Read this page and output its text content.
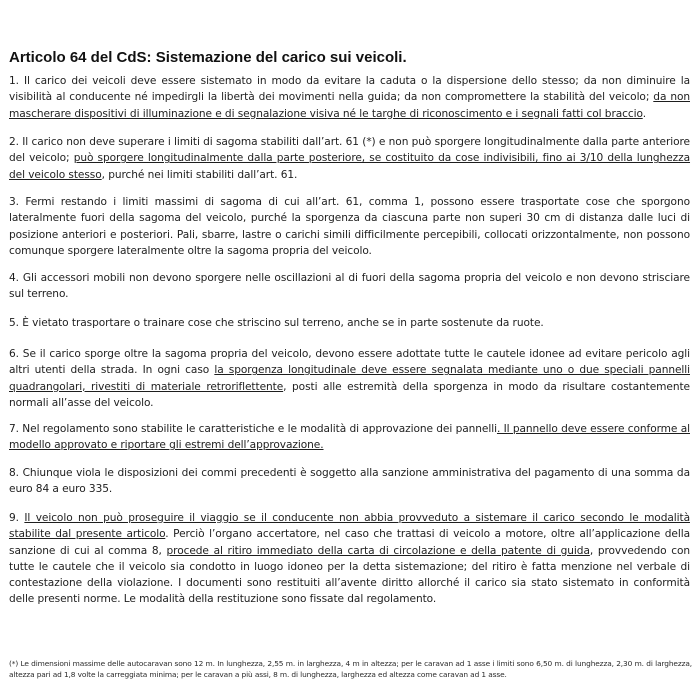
Articolo 64 del CdS: Sistemazione del carico sui veicoli.
1. Il carico dei veicoli deve essere sistemato in modo da evitare la caduta o la dispersione dello stesso; da non diminuire la visibilità al conducente né impedirgli la libertà dei movimenti nella guida; da non compromettere la stabilità del veicolo; da non mascherare dispositivi di illuminazione e di segnalazione visiva né le targhe di riconoscimento e i segnali fatti col braccio.
2. Il carico non deve superare i limiti di sagoma stabiliti dall’art. 61 (*) e non può sporgere longitudinalmente dalla parte anteriore del veicolo; può sporgere longitudinalmente dalla parte posteriore, se costituito da cose indivisibili, fino ai 3/10 della lunghezza del veicolo stesso, purché nei limiti stabiliti dall’art. 61.
3. Fermi restando i limiti massimi di sagoma di cui all’art. 61, comma 1, possono essere trasportate cose che sporgono lateralmente fuori della sagoma del veicolo, purché la sporgenza da ciascuna parte non superi 30 cm di distanza dalle luci di posizione anteriori e posteriori. Pali, sbarre, lastre o carichi simili difficilmente percepibili, collocati orizzontalmente, non possono comunque sporgere lateralmente oltre la sagoma propria del veicolo.
4. Gli accessori mobili non devono sporgere nelle oscillazioni al di fuori della sagoma propria del veicolo e non devono strisciare sul terreno.
5. È vietato trasportare o trainare cose che striscino sul terreno, anche se in parte sostenute da ruote.
6. Se il carico sporge oltre la sagoma propria del veicolo, devono essere adottate tutte le cautele idonee ad evitare pericolo agli altri utenti della strada. In ogni caso la sporgenza longitudinale deve essere segnalata mediante uno o due speciali pannelli quadrangolari, rivestiti di materiale retroriflettente, posti alle estremità della sporgenza in modo da risultare costantemente normali all’asse del veicolo.
7. Nel regolamento sono stabilite le caratteristiche e le modalità di approvazione dei pannelli. Il pannello deve essere conforme al modello approvato e riportare gli estremi dell’approvazione.
8. Chiunque viola le disposizioni dei commi precedenti è soggetto alla sanzione amministrativa del pagamento di una somma da euro 84 a euro 335.
9. Il veicolo non può proseguire il viaggio se il conducente non abbia provveduto a sistemare il carico secondo le modalità stabilite dal presente articolo. Perciò l’organo accertatore, nel caso che trattasi di veicolo a motore, oltre all’applicazione della sanzione di cui al comma 8, procede al ritiro immediato della carta di circolazione e della patente di guida, provvedendo con tutte le cautele che il veicolo sia condotto in luogo idoneo per la detta sistemazione; del ritiro è fatta menzione nel verbale di contestazione della violazione. I documenti sono restituiti all’avente diritto allorché il carico sia stato sistemato in conformità delle presenti norme. Le modalità della restituzione sono fissate dal regolamento.
(*) Le dimensioni massime delle autocaravan sono 12 m. In lunghezza, 2,55 m. in larghezza, 4 m in altezza; per le caravan ad 1 asse i limiti sono 6,50 m. di lunghezza, 2,30 m. di larghezza, altezza pari ad 1,8 volte la carreggiata minima; per le caravan a più assi, 8 m. di lunghezza, larghezza ed altezza come caravan ad 1 asse.
